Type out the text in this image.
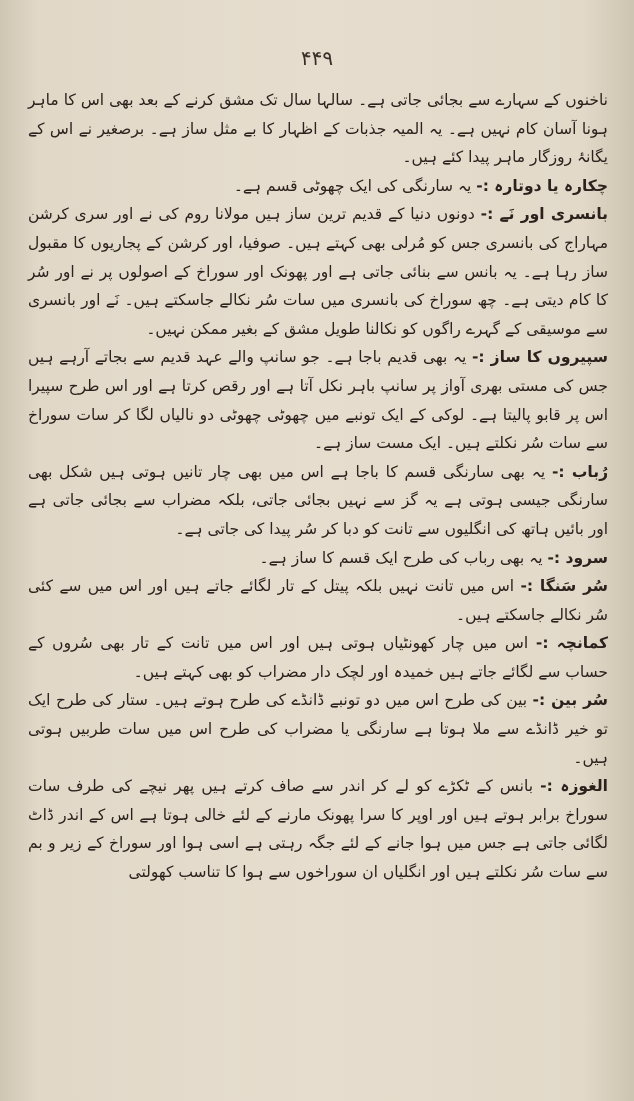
۴۴۹

ناخنوں کے سہارے سے بجائی جاتی ہے۔ سالہا سال تک مشق کرنے کے بعد بھی اس کا ماہر ہونا آسان کام نہیں ہے۔ یہ المیہ جذبات کے اظہار کا بے مثل ساز ہے۔ برصغیر نے اس کے یگانۂ روزگار ماہر پیدا کئے ہیں۔

چکارہ یا دوتارہ :- یہ سارنگی کی ایک چھوٹی قسم ہے۔

بانسری اور نَے :- دونوں دنیا کے قدیم ترین ساز ہیں مولانا روم کی نے اور سری کرشن مہاراج کی بانسری جس کو مُرلی بھی کہتے ہیں۔ صوفیا، اور کرشن کے پجاریوں کا مقبول ساز رہا ہے۔ یہ بانس سے بنائی جاتی ہے اور پھونک اور سوراخ کے اصولوں پر نے اور سُر کا کام دیتی ہے۔ چھ سوراخ کی بانسری میں سات سُر نکالے جاسکتے ہیں۔ نَے اور بانسری سے موسیقی کے گہرے راگوں کو نکالنا طویل مشق کے بغیر ممکن نہیں۔

سپیروں کا ساز :- یہ بھی قدیم باجا ہے۔ جو سانپ والے عہد قدیم سے بجاتے آرہے ہیں جس کی مستی بھری آواز پر سانپ باہر نکل آتا ہے اور رقص کرتا ہے اور اس طرح سپیرا اس پر قابو پالیتا ہے۔ لوکی کے ایک تونبے میں چھوٹی چھوٹی دو نالیاں لگا کر سات سوراخ سے سات سُر نکلتے ہیں۔ ایک مست ساز ہے۔

رُباب :- یہ بھی سارنگی قسم کا باجا ہے اس میں بھی چار تانیں ہوتی ہیں شکل بھی سارنگی جیسی ہوتی ہے یہ گز سے نہیں بجائی جاتی، بلکہ مضراب سے بجائی جاتی ہے اور بائیں ہاتھ کی انگلیوں سے تانت کو دبا کر سُر پیدا کی جاتی ہے۔

سرود :- یہ بھی رباب کی طرح ایک قسم کا ساز ہے۔

سُر سَنگا :- اس میں تانت نہیں بلکہ پیتل کے تار لگائے جاتے ہیں اور اس میں سے کئی سُر نکالے جاسکتے ہیں۔

کمانچہ :- اس میں چار کھونٹیاں ہوتی ہیں اور اس میں تانت کے تار بھی سُروں کے حساب سے لگائے جاتے ہیں خمیدہ اور لچک دار مضراب کو بھی کہتے ہیں۔

سُر بین :- بین کی طرح اس میں دو تونبے ڈانڈے کی طرح ہوتے ہیں۔ ستار کی طرح ایک تو خیر ڈانڈے سے ملا ہوتا ہے سارنگی یا مضراب کی طرح اس میں سات طربیں ہوتی ہیں۔

الغوزہ :- بانس کے ٹکڑے کو لے کر اندر سے صاف کرتے ہیں پھر نیچے کی طرف سات سوراخ برابر ہوتے ہیں اور اوپر کا سرا پھونک مارنے کے لئے خالی ہوتا ہے اس کے اندر ڈاٹ لگائی جاتی ہے جس میں ہوا جانے کے لئے جگہ رہتی ہے اسی ہوا اور سوراخ کے زیر و بم سے سات سُر نکلتے ہیں اور انگلیاں ان سوراخوں سے ہوا کا تناسب کھولتی
